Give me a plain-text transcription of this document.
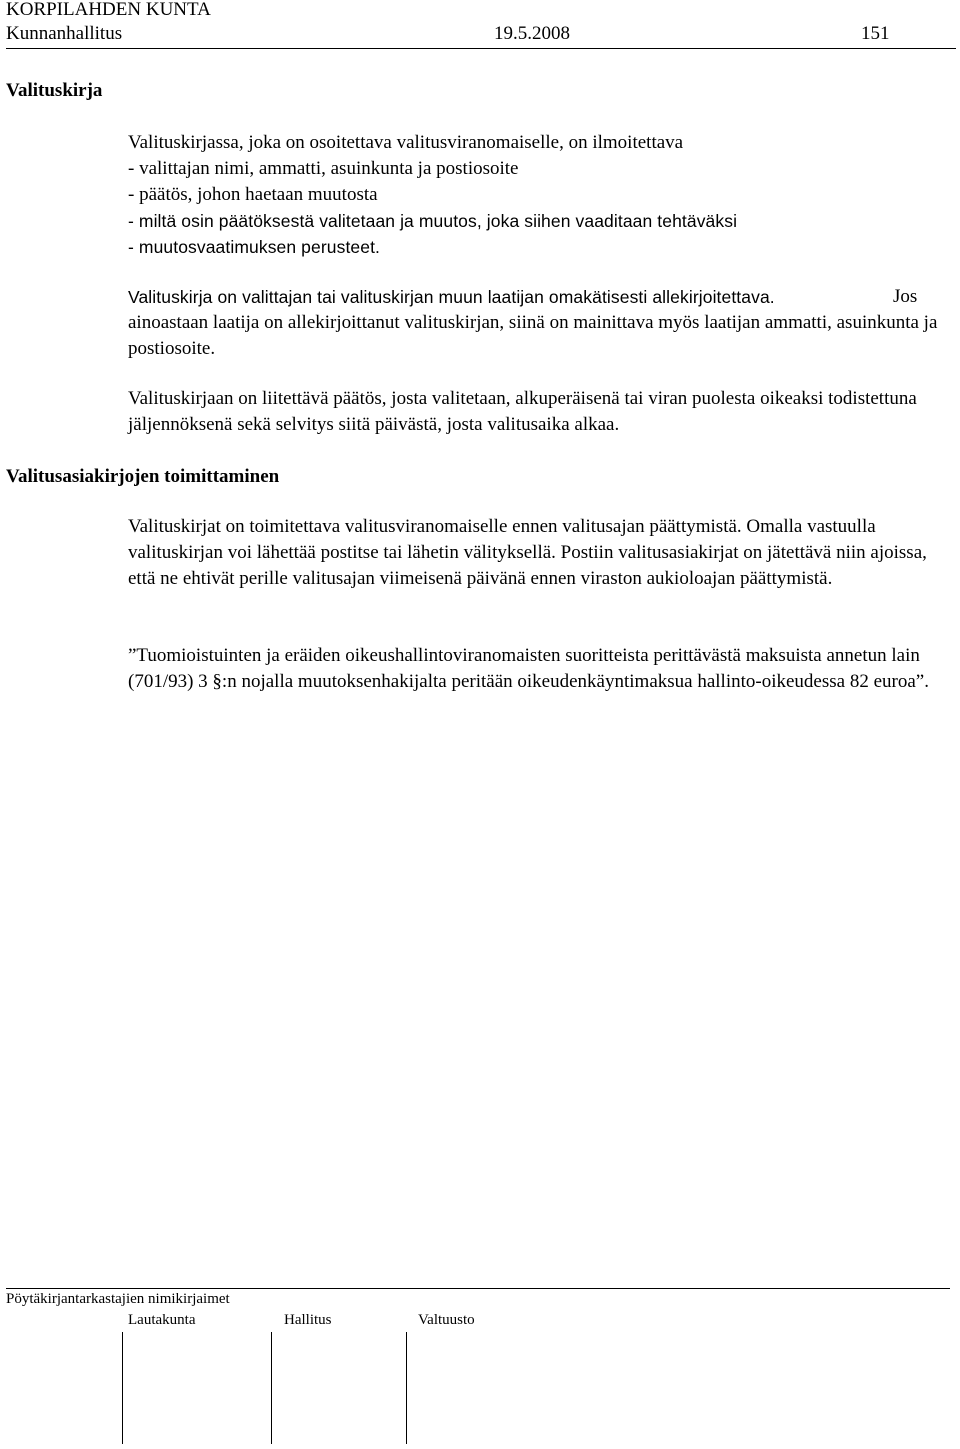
KORPILAHDEN KUNTA
Kunnanhallitus	19.5.2008	151
Valituskirja

Valituskirjassa, joka on osoitettava valitusviranomaiselle, on ilmoitettava

- valittajan nimi, ammatti, asuinkunta ja postiosoite

- päätös, johon haetaan muutosta

- miltä osin päätöksestä valitetaan ja muutos, joka siihen vaaditaan tehtäväksi

- muutosvaatimuksen perusteet.

Valituskirja on valittajan tai valituskirjan muun laatijan omakätisesti allekirjoitettava.	Jos ainoastaan laatija on allekirjoittanut valituskirjan, siinä on mainittava myös laatijan ammatti, asuinkunta ja postiosoite.

Valituskirjaan on liitettävä päätös, josta valitetaan, alkuperäisenä tai viran puolesta oikeaksi todistettuna jäljennöksenä sekä selvitys siitä päivästä, josta valitusaika alkaa.

Valitusasiakirjojen toimittaminen

Valituskirjat on toimitettava valitusviranomaiselle ennen valitusajan päättymistä. Omalla vastuulla valituskirjan voi lähettää postitse tai lähetin välityksellä. Postiin valitusasiakirjat on jätettävä niin ajoissa, että ne ehtivät perille valitusajan viimeisenä päivänä ennen viraston aukioloajan päättymistä.

”Tuomioistuinten ja eräiden oikeushallintoviranomaisten suoritteista perittävästä maksuista annetun lain (701/93) 3 §:n nojalla muutoksenhakijalta peritään oikeudenkäyntimaksua hallinto-oikeudessa 82 euroa”.

Pöytäkirjantarkastajien nimikirjaimet
Lautakunta	Hallitus	Valtuusto
